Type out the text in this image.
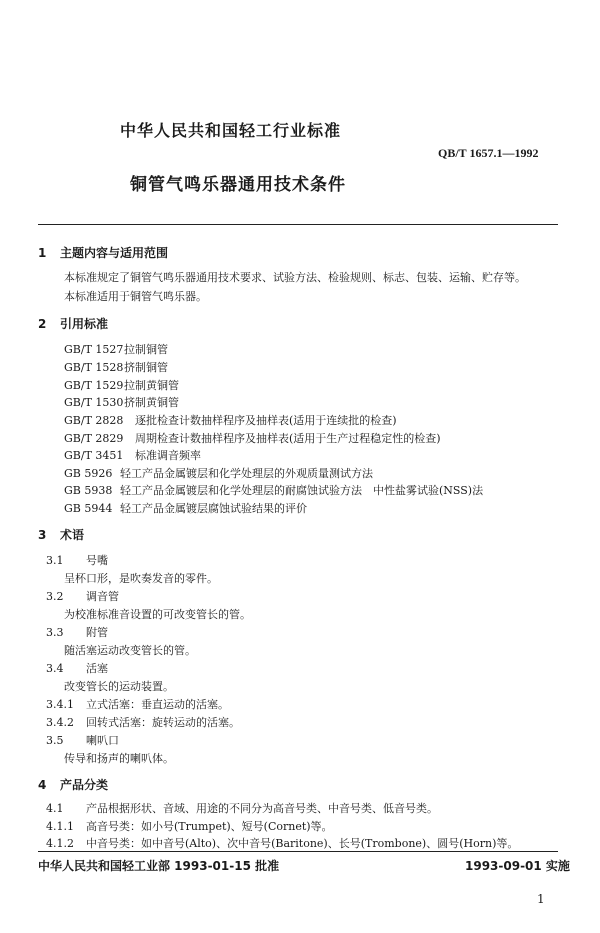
中华人民共和国轻工行业标准
QB/T 1657.1—1992
铜管气鸣乐器通用技术条件
1 主题内容与适用范围
本标准规定了铜管气鸣乐器通用技术要求、试验方法、检验规则、标志、包装、运输、贮存等。
本标准适用于铜管气鸣乐器。
2 引用标准
GB/T 1527拉制铜管
GB/T 1528挤制铜管
GB/T 1529拉制黄铜管
GB/T 1530挤制黄铜管
GB/T 2828 逐批检查计数抽样程序及抽样表(适用于连续批的检查)
GB/T 2829 周期检查计数抽样程序及抽样表(适用于生产过程稳定性的检查)
GB/T 3451 标准调音频率
GB 5926 轻工产品金属镀层和化学处理层的外观质量测试方法
GB 5938 轻工产品金属镀层和化学处理层的耐腐蚀试验方法　中性盐雾试验(NSS)法
GB 5944 轻工产品金属镀层腐蚀试验结果的评价
3 术语
3.1 号嘴
呈杯口形，是吹奏发音的零件。
3.2 调音管
为校准标准音设置的可改变管长的管。
3.3 附管
随活塞运动改变管长的管。
3.4 活塞
改变管长的运动装置。
3.4.1 立式活塞：垂直运动的活塞。
3.4.2 回转式活塞：旋转运动的活塞。
3.5 喇叭口
传导和扬声的喇叭体。
4 产品分类
4.1 产品根据形状、音域、用途的不同分为高音号类、中音号类、低音号类。
4.1.1 高音号类：如小号(Trumpet)、短号(Cornet)等。
4.1.2 中音号类：如中音号(Alto)、次中音号(Baritone)、长号(Trombone)、圆号(Horn)等。
中华人民共和国轻工业部 1993-01-15 批准	1993-09-01 实施
1
